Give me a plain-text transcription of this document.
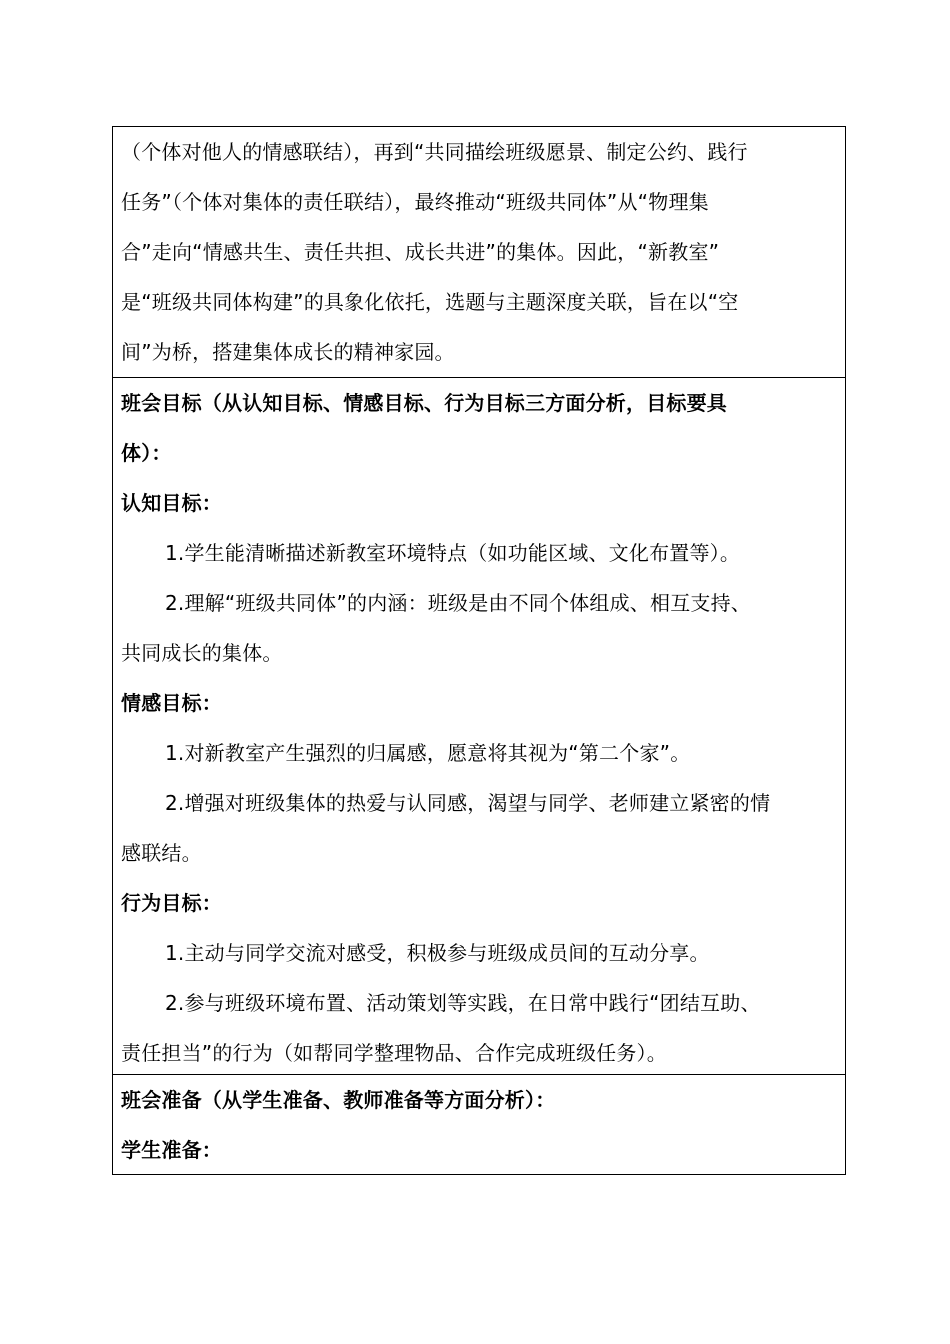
（个体对他人的情感联结），再到“共同描绘班级愿景、制定公约、践行
任务”（个体对集体的责任联结），最终推动“班级共同体”从“物理集
合”走向“情感共生、责任共担、成长共进”的集体。因此，“新教室”
是“班级共同体构建”的具象化依托，选题与主题深度关联，旨在以“空
间”为桥，搭建集体成长的精神家园。
班会目标（从认知目标、情感目标、行为目标三方面分析，目标要具
体）：
认知目标：
1.学生能清晰描述新教室环境特点（如功能区域、文化布置等）。
2.理解“班级共同体”的内涵：班级是由不同个体组成、相互支持、
共同成长的集体。
情感目标：
1.对新教室产生强烈的归属感，愿意将其视为“第二个家”。
2.增强对班级集体的热爱与认同感，渴望与同学、老师建立紧密的情
感联结。
行为目标：
1.主动与同学交流对感受，积极参与班级成员间的互动分享。
2.参与班级环境布置、活动策划等实践，在日常中践行“团结互助、
责任担当”的行为（如帮同学整理物品、合作完成班级任务）。
班会准备（从学生准备、教师准备等方面分析）：
学生准备：
